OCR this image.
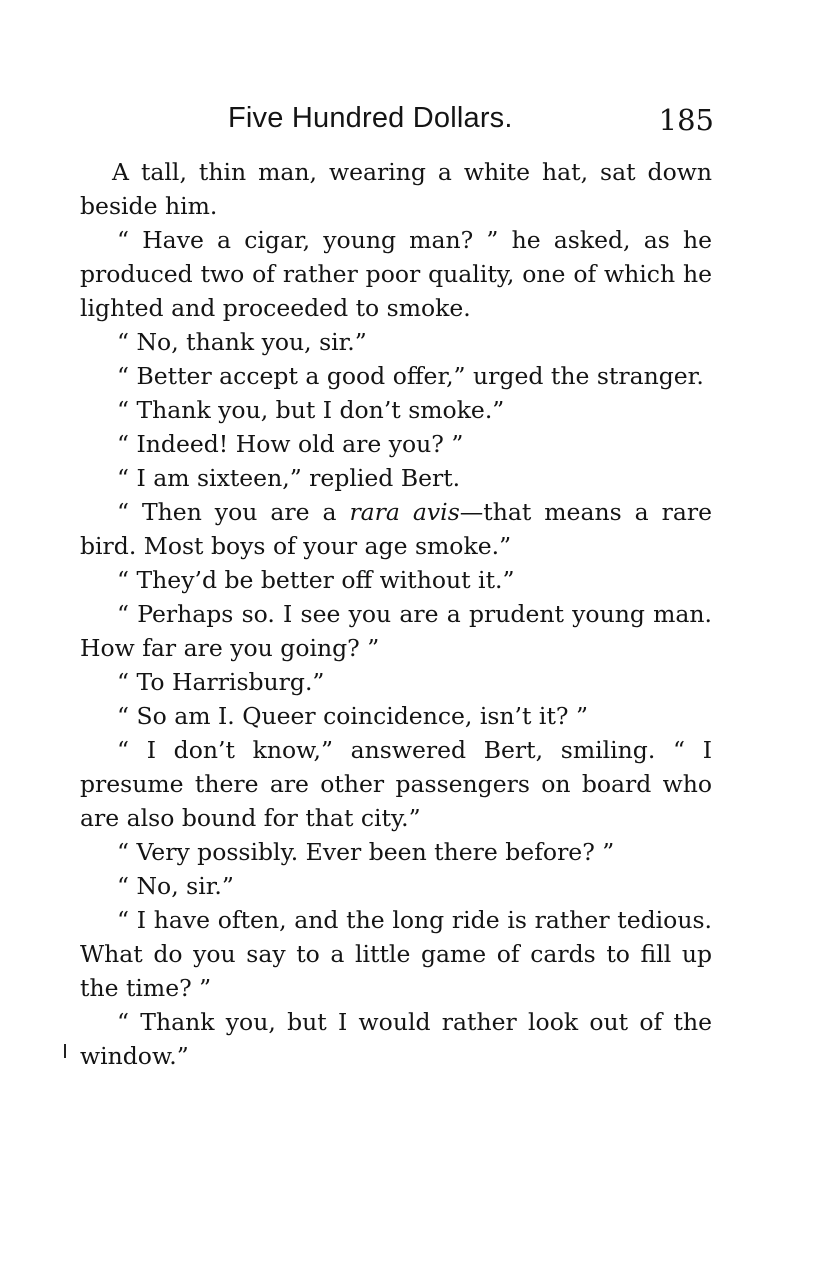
Five Hundred Dollars.	185

A tall, thin man, wearing a white hat, sat down beside him.

“ Have a cigar, young man? ” he asked, as he produced two of rather poor quality, one of which he lighted and proceeded to smoke.

“ No, thank you, sir.”

“ Better accept a good offer,” urged the stranger.

“ Thank you, but I don’t smoke.”

“ Indeed! How old are you? ”

“ I am sixteen,” replied Bert.

“ Then you are a rara avis—that means a rare bird. Most boys of your age smoke.”

“ They’d be better off without it.”

“ Perhaps so. I see you are a prudent young man. How far are you going? ”

“ To Harrisburg.”

“ So am I. Queer coincidence, isn’t it? ”

“ I don’t know,” answered Bert, smiling. “ I presume there are other passengers on board who are also bound for that city.”

“ Very possibly. Ever been there before? ”

“ No, sir.”

“ I have often, and the long ride is rather tedious. What do you say to a little game of cards to fill up the time? ”

“ Thank you, but I would rather look out of the window.”
